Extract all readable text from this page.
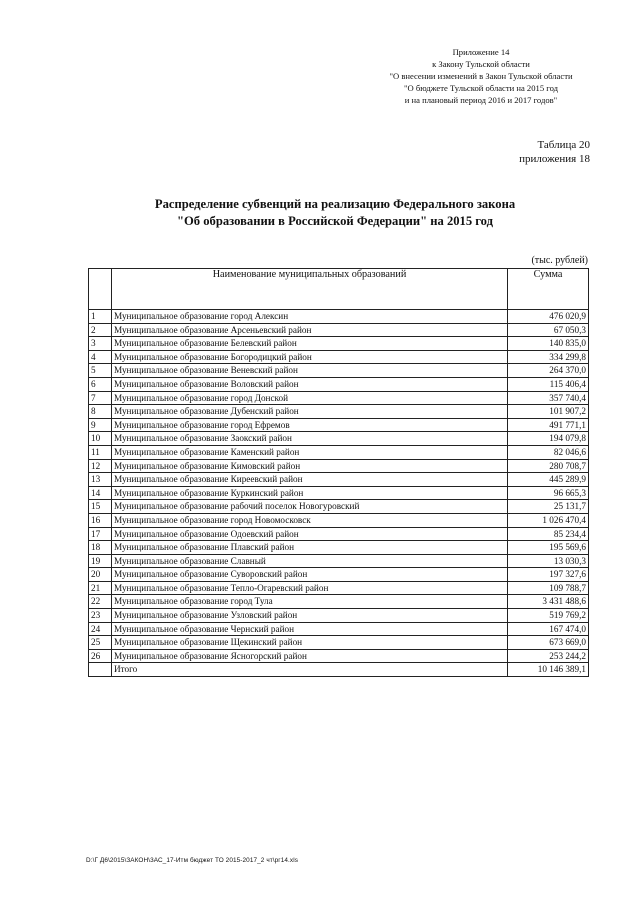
Приложение 14
к Закону Тульской области
"О внесении изменений в Закон Тульской области
"О бюджете Тульской области на 2015 год
и на плановый период 2016 и 2017 годов"
Таблица 20
приложения 18
Распределение субвенций на реализацию Федерального закона
"Об образовании в Российской Федерации" на 2015 год
(тыс. рублей)
	Наименование муниципальных образований	Сумма
1	Муниципальное образование город Алексин	476 020,9
2	Муниципальное образование Арсеньевский район	67 050,3
3	Муниципальное образование Белевский район	140 835,0
4	Муниципальное образование Богородицкий район	334 299,8
5	Муниципальное образование Веневский район	264 370,0
6	Муниципальное образование Воловский район	115 406,4
7	Муниципальное образование город Донской	357 740,4
8	Муниципальное образование Дубенский район	101 907,2
9	Муниципальное образование город Ефремов	491 771,1
10	Муниципальное образование Заокский район	194 079,8
11	Муниципальное образование Каменский район	82 046,6
12	Муниципальное образование Кимовский район	280 708,7
13	Муниципальное образование Киреевский район	445 289,9
14	Муниципальное образование Куркинский район	96 665,3
15	Муниципальное образование рабочий поселок Новогуровский	25 131,7
16	Муниципальное образование город Новомосковск	1 026 470,4
17	Муниципальное образование Одоевский район	85 234,4
18	Муниципальное образование Плавский район	195 569,6
19	Муниципальное образование Славный	13 030,3
20	Муниципальное образование Суворовский район	197 327,6
21	Муниципальное образование Тепло-Огаревский район	109 788,7
22	Муниципальное образование город Тула	3 431 488,6
23	Муниципальное образование Узловский район	519 769,2
24	Муниципальное образование Чернский район	167 474,0
25	Муниципальное образование Щекинский район	673 669,0
26	Муниципальное образование Ясногорский район	253 244,2
	Итого	10 146 389,1
D:\Г Д6\2015\ЗАКОН\3АС_17-Итм бюджет ТО 2015-2017_2 чт\рг14.xls
